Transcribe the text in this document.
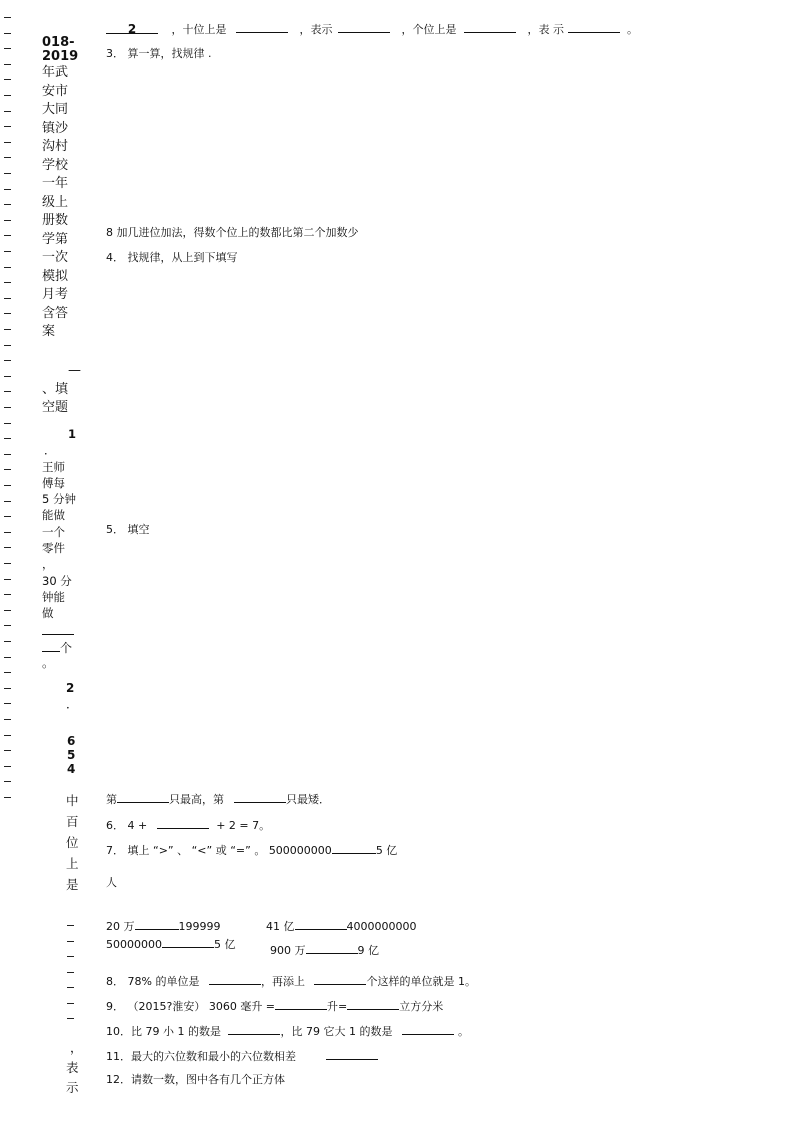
018-
2019
年武
安市
大同
镇沙
沟村
学校
一年
级上
册数
学第
一次
模拟
月考
含答
案
—
、填
空题
1
．
王师
傅每
5 分钟
能做
一个
零件
，
30 分
钟能
做
个
。
2
．
6
5
4
中
百
位
上
是
，
表
示
2	，十位上是	，表示	，个位上是	，表 示	。
3． 算一算，找规律 .
8 加几进位加法，得数个位上的数都比第二个加数少
4． 找规律，从上到下填写
5． 填空
第	只最高，第	只最矮．
6． 4 +	+ 2 = 7。
7． 填上 “>” 、 “<” 或 “=” 。 500000000	5 亿
人
20 万	199999	41 亿	4000000000
50000000	5 亿	900 万	9 亿
8． 78% 的单位是	，再添上	个这样的单位就是 1。
9． （2015?淮安） 3060 毫升 =	升=	立方分米
10．比 79 小 1 的数是	，比 79 它大 1 的数是	。
11．最大的六位数和最小的六位数相差
12．请数一数，图中各有几个正方体
